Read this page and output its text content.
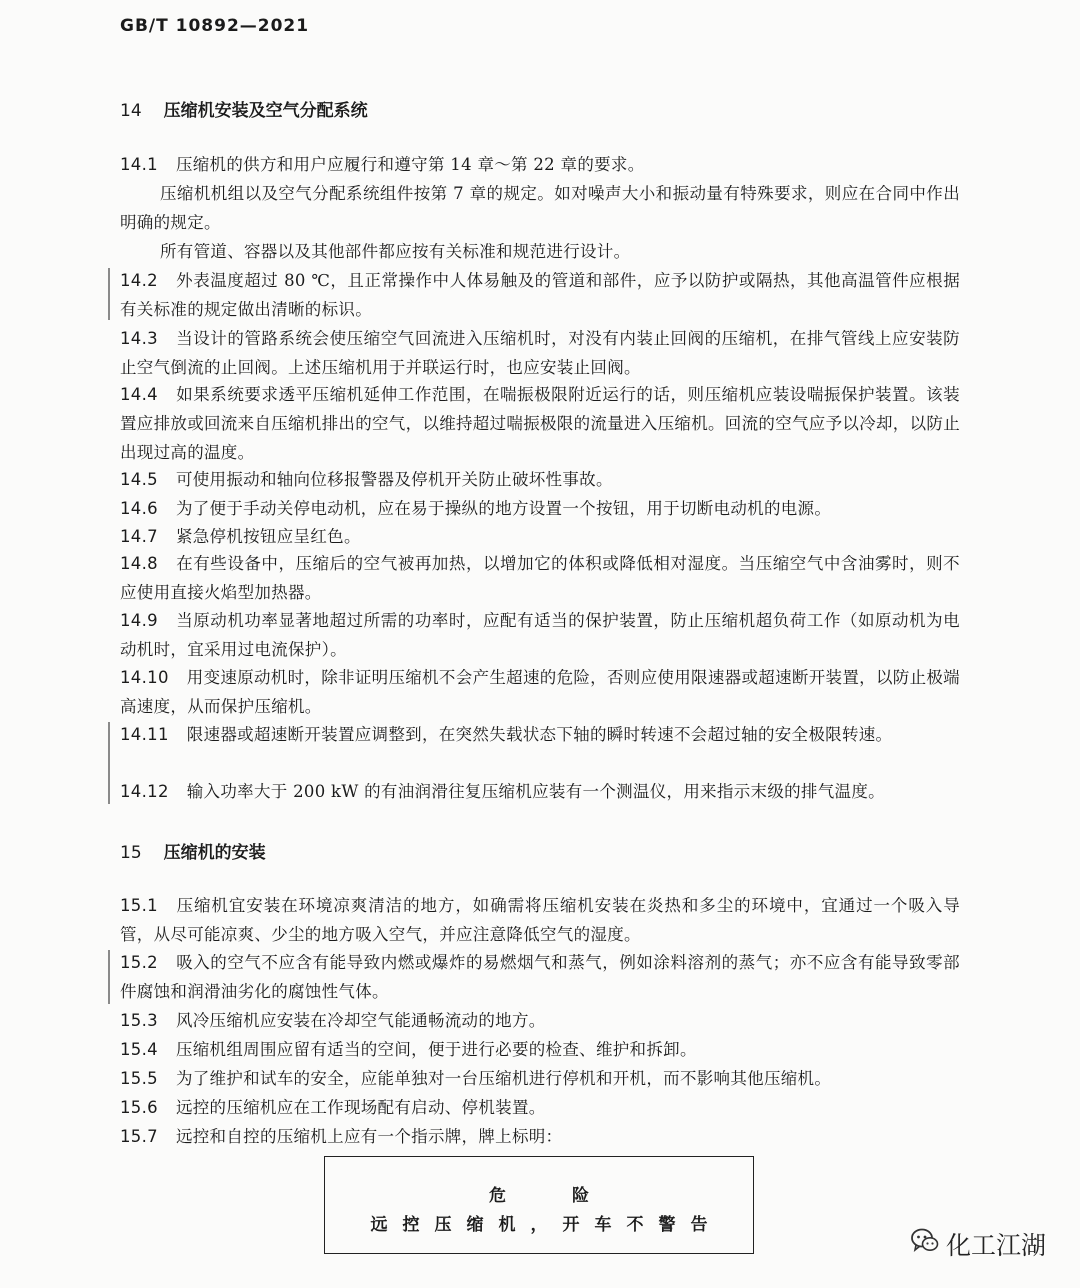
GB/T 10892—2021
14 压缩机安装及空气分配系统
14.1 压缩机的供方和用户应履行和遵守第 14 章～第 22 章的要求。
压缩机机组以及空气分配系统组件按第 7 章的规定。如对噪声大小和振动量有特殊要求，则应在合同中作出明确的规定。
所有管道、容器以及其他部件都应按有关标准和规范进行设计。
14.2 外表温度超过 80 ℃，且正常操作中人体易触及的管道和部件，应予以防护或隔热，其他高温管件应根据有关标准的规定做出清晰的标识。
14.3 当设计的管路系统会使压缩空气回流进入压缩机时，对没有内装止回阀的压缩机，在排气管线上应安装防止空气倒流的止回阀。上述压缩机用于并联运行时，也应安装止回阀。
14.4 如果系统要求透平压缩机延伸工作范围，在喘振极限附近运行的话，则压缩机应装设喘振保护装置。该装置应排放或回流来自压缩机排出的空气，以维持超过喘振极限的流量进入压缩机。回流的空气应予以冷却，以防止出现过高的温度。
14.5 可使用振动和轴向位移报警器及停机开关防止破坏性事故。
14.6 为了便于手动关停电动机，应在易于操纵的地方设置一个按钮，用于切断电动机的电源。
14.7 紧急停机按钮应呈红色。
14.8 在有些设备中，压缩后的空气被再加热，以增加它的体积或降低相对湿度。当压缩空气中含油雾时，则不应使用直接火焰型加热器。
14.9 当原动机功率显著地超过所需的功率时，应配有适当的保护装置，防止压缩机超负荷工作（如原动机为电动机时，宜采用过电流保护）。
14.10 用变速原动机时，除非证明压缩机不会产生超速的危险，否则应使用限速器或超速断开装置，以防止极端高速度，从而保护压缩机。
14.11 限速器或超速断开装置应调整到，在突然失载状态下轴的瞬时转速不会超过轴的安全极限转速。
14.12 输入功率大于 200 kW 的有油润滑往复压缩机应装有一个测温仪，用来指示末级的排气温度。
15 压缩机的安装
15.1 压缩机宜安装在环境凉爽清洁的地方，如确需将压缩机安装在炎热和多尘的环境中，宜通过一个吸入导管，从尽可能凉爽、少尘的地方吸入空气，并应注意降低空气的湿度。
15.2 吸入的空气不应含有能导致内燃或爆炸的易燃烟气和蒸气，例如涂料溶剂的蒸气；亦不应含有能导致零部件腐蚀和润滑油劣化的腐蚀性气体。
15.3 风冷压缩机应安装在冷却空气能通畅流动的地方。
15.4 压缩机组周围应留有适当的空间，便于进行必要的检查、维护和拆卸。
15.5 为了维护和试车的安全，应能单独对一台压缩机进行停机和开机，而不影响其他压缩机。
15.6 远控的压缩机应在工作现场配有启动、停机装置。
15.7 远控和自控的压缩机上应有一个指示牌，牌上标明：
危险
远控压缩机，开车不警告
化工江湖
